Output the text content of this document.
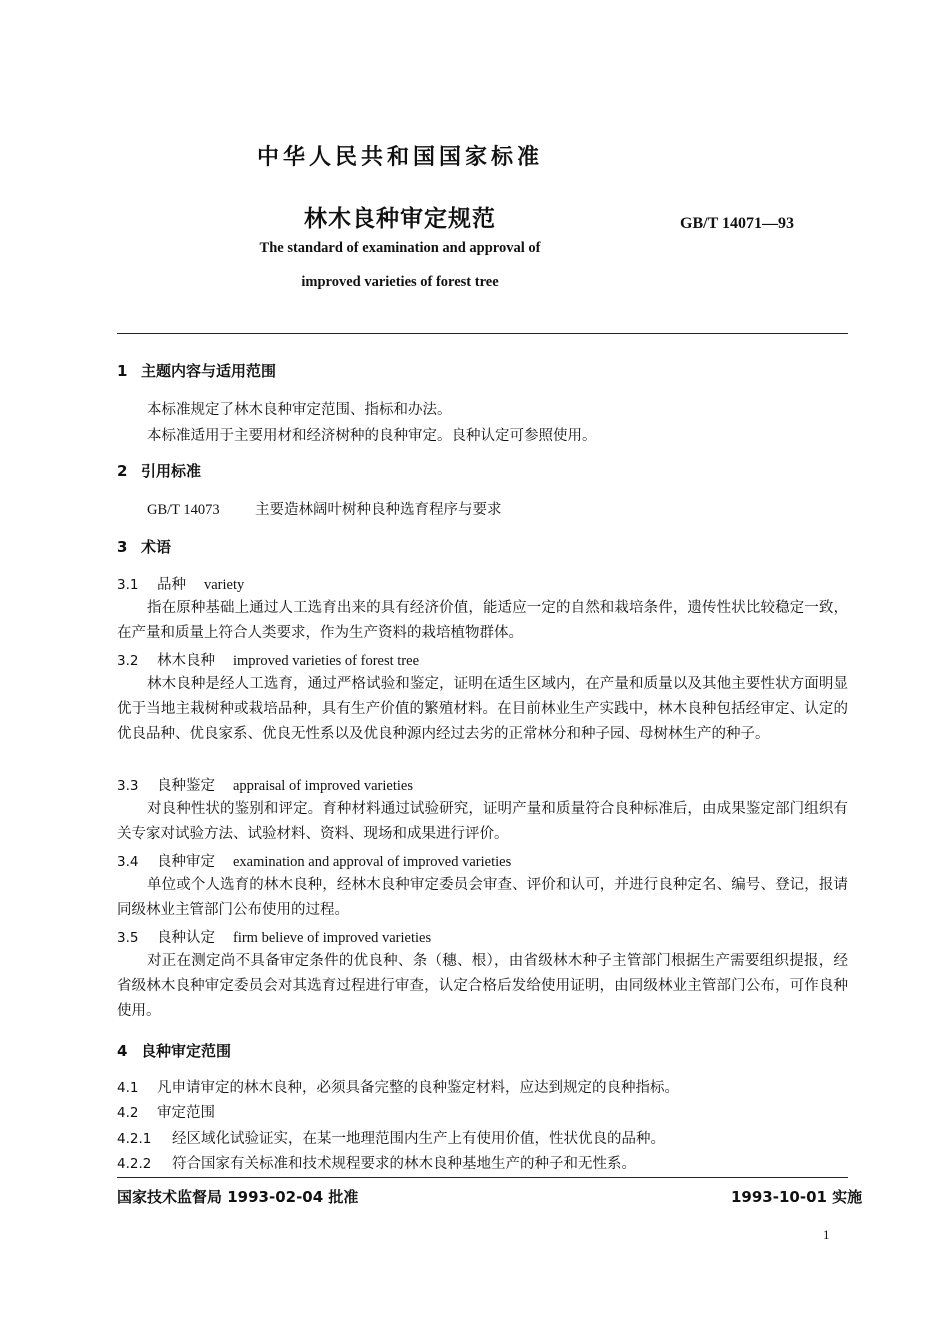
中华人民共和国国家标准
林木良种审定规范	GB/T 14071—93
The standard of examination and approval of
improved varieties of forest tree
1 主题内容与适用范围
本标准规定了林木良种审定范围、指标和办法。
本标准适用于主要用材和经济树种的良种审定。良种认定可参照使用。
2 引用标准
GB/T 14073 主要造林阔叶树种良种选育程序与要求
3 术语
3.1 品种 variety
指在原种基础上通过人工选育出来的具有经济价值，能适应一定的自然和栽培条件，遗传性状比较稳定一致，在产量和质量上符合人类要求，作为生产资料的栽培植物群体。
3.2 林木良种 improved varieties of forest tree
林木良种是经人工选育，通过严格试验和鉴定，证明在适生区域内，在产量和质量以及其他主要性状方面明显优于当地主栽树种或栽培品种，具有生产价值的繁殖材料。在目前林业生产实践中，林木良种包括经审定、认定的优良品种、优良家系、优良无性系以及优良种源内经过去劣的正常林分和种子园、母树林生产的种子。
3.3 良种鉴定 appraisal of improved varieties
对良种性状的鉴别和评定。育种材料通过试验研究，证明产量和质量符合良种标准后，由成果鉴定部门组织有关专家对试验方法、试验材料、资料、现场和成果进行评价。
3.4 良种审定 examination and approval of improved varieties
单位或个人选育的林木良种，经林木良种审定委员会审查、评价和认可，并进行良种定名、编号、登记，报请同级林业主管部门公布使用的过程。
3.5 良种认定 firm believe of improved varieties
对正在测定尚不具备审定条件的优良种、条（穗、根），由省级林木种子主管部门根据生产需要组织提报，经省级林木良种审定委员会对其选育过程进行审查，认定合格后发给使用证明，由同级林业主管部门公布，可作良种使用。
4 良种审定范围
4.1 凡申请审定的林木良种，必须具备完整的良种鉴定材料，应达到规定的良种指标。
4.2 审定范围
4.2.1 经区域化试验证实，在某一地理范围内生产上有使用价值，性状优良的品种。
4.2.2 符合国家有关标准和技术规程要求的林木良种基地生产的种子和无性系。
国家技术监督局 1993-02-04 批准	1993-10-01 实施
1
